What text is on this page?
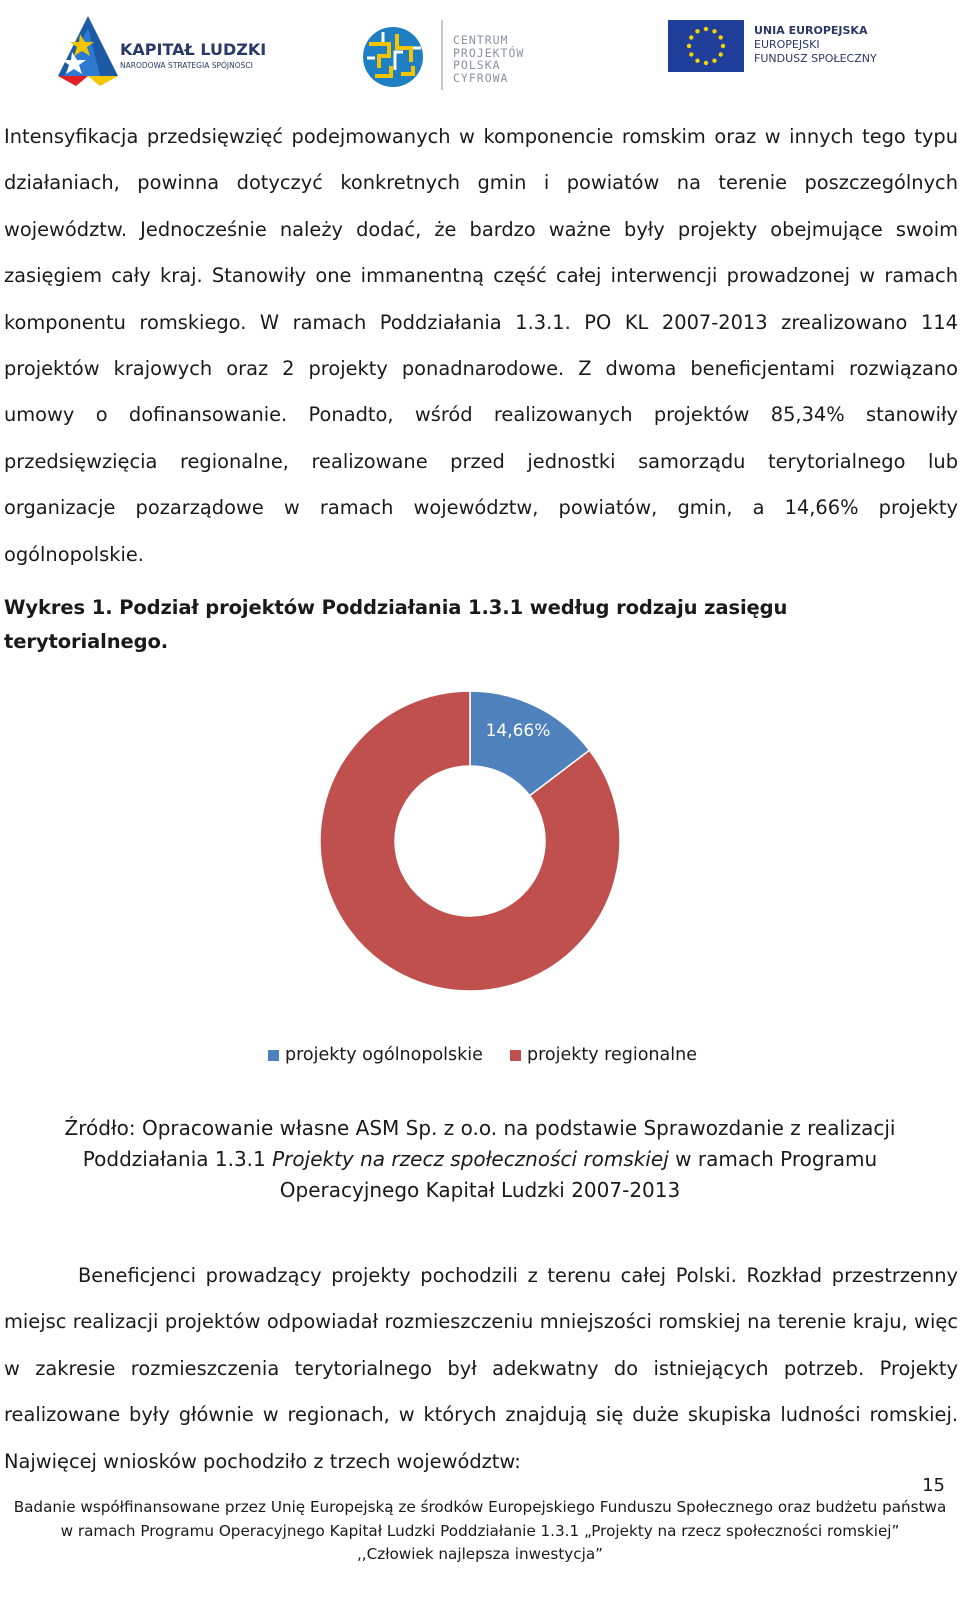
KAPITAŁ LUDZKI
NARODOWA STRATEGIA SPÓJNOŚCI
CENTRUM
PROJEKTÓW
POLSKA
CYFROWA
UNIA EUROPEJSKA
EUROPEJSKI
FUNDUSZ SPOŁECZNY

Intensyfikacja przedsięwzięć podejmowanych w komponencie romskim oraz w innych tego typu działaniach, powinna dotyczyć konkretnych gmin i powiatów na terenie poszczególnych województw. Jednocześnie należy dodać, że bardzo ważne były projekty obejmujące swoim zasięgiem cały kraj. Stanowiły one immanentną część całej interwencji prowadzonej w ramach komponentu romskiego. W ramach Poddziałania 1.3.1. PO KL 2007-2013 zrealizowano 114 projektów krajowych oraz 2 projekty ponadnarodowe. Z dwoma beneficjentami rozwiązano umowy o dofinansowanie. Ponadto, wśród realizowanych projektów 85,34% stanowiły przedsięwzięcia regionalne, realizowane przed jednostki samorządu terytorialnego lub organizacje pozarządowe w ramach województw, powiatów, gmin, a 14,66% projekty ogólnopolskie.

Wykres 1. Podział projektów Poddziałania 1.3.1 według rodzaju zasięgu terytorialnego.

14,66%
85,34%
projekty ogólnopolskie	projekty regionalne
Źródło: Opracowanie własne ASM Sp. z o.o. na podstawie Sprawozdanie z realizacji
Poddziałania 1.3.1 Projekty na rzecz społeczności romskiej w ramach Programu
Operacyjnego Kapitał Ludzki 2007-2013

Beneficjenci prowadzący projekty pochodzili z terenu całej Polski. Rozkład przestrzenny miejsc realizacji projektów odpowiadał rozmieszczeniu mniejszości romskiej na terenie kraju, więc w zakresie rozmieszczenia terytorialnego był adekwatny do istniejących potrzeb. Projekty realizowane były głównie w regionach, w których znajdują się duże skupiska ludności romskiej. Najwięcej wniosków pochodziło z trzech województw:

15
Badanie współfinansowane przez Unię Europejską ze środków Europejskiego Funduszu Społecznego oraz budżetu państwa
w ramach Programu Operacyjnego Kapitał Ludzki Poddziałanie 1.3.1 „Projekty na rzecz społeczności romskiej”
,,Człowiek najlepsza inwestycja”
